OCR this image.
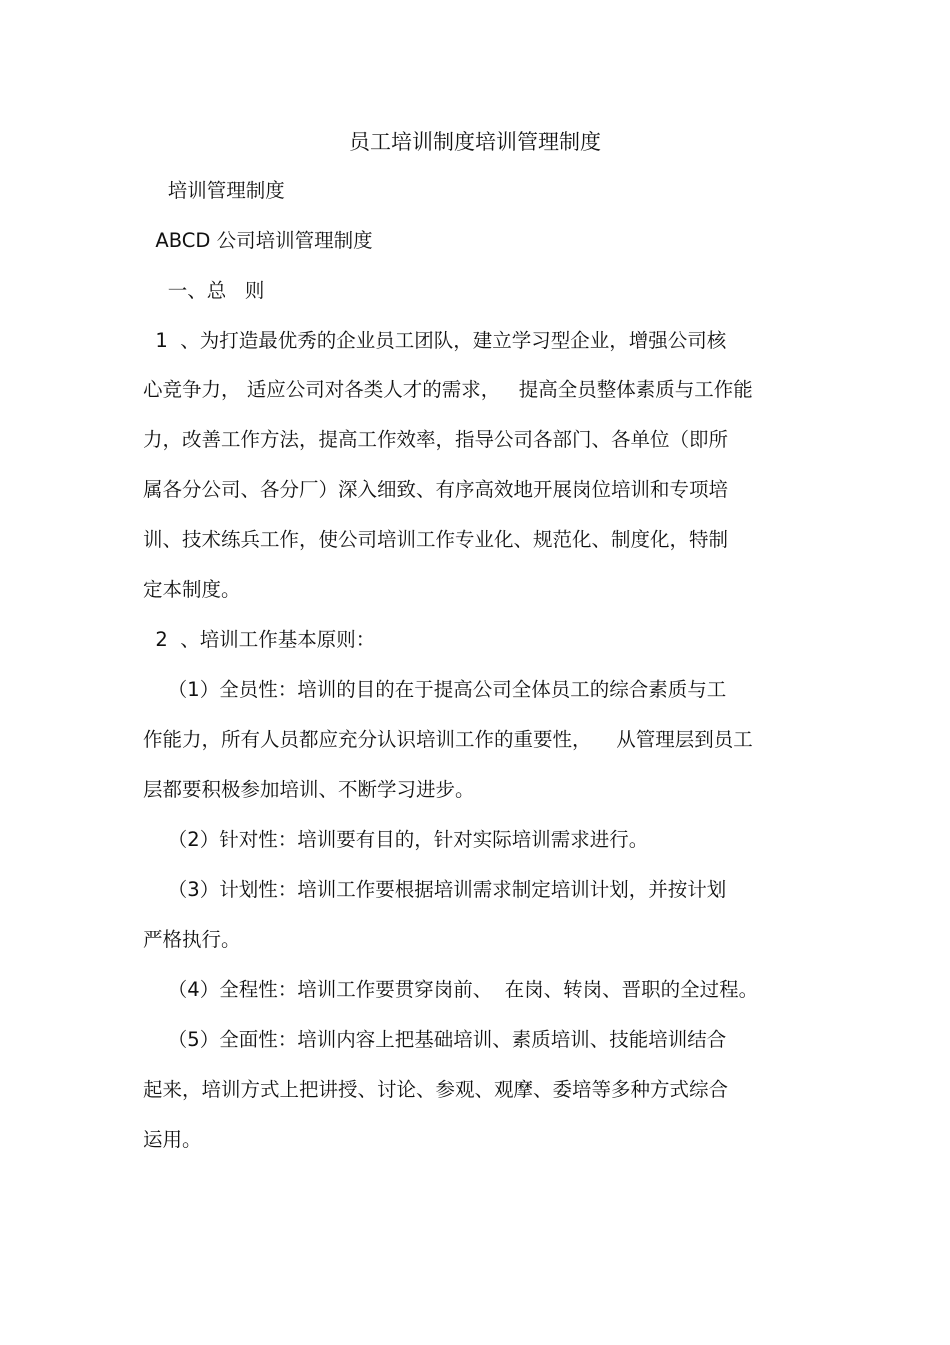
员工培训制度培训管理制度
培训管理制度
ABCD 公司培训管理制度
一、总   则
1  、为打造最优秀的企业员工团队，建立学习型企业，增强公司核
心竞争力， 适应公司对各类人才的需求，   提高全员整体素质与工作能
力，改善工作方法，提高工作效率，指导公司各部门、各单位（即所
属各分公司、各分厂）深入细致、有序高效地开展岗位培训和专项培
训、技术练兵工作，使公司培训工作专业化、规范化、制度化，特制
定本制度。
2  、培训工作基本原则：
（1）全员性：培训的目的在于提高公司全体员工的综合素质与工
作能力，所有人员都应充分认识培训工作的重要性，    从管理层到员工
层都要积极参加培训、不断学习进步。
（2）针对性：培训要有目的，针对实际培训需求进行。
（3）计划性：培训工作要根据培训需求制定培训计划，并按计划
严格执行。
（4）全程性：培训工作要贯穿岗前、  在岗、转岗、晋职的全过程。
（5）全面性：培训内容上把基础培训、素质培训、技能培训结合
起来，培训方式上把讲授、讨论、参观、观摩、委培等多种方式综合
运用。
